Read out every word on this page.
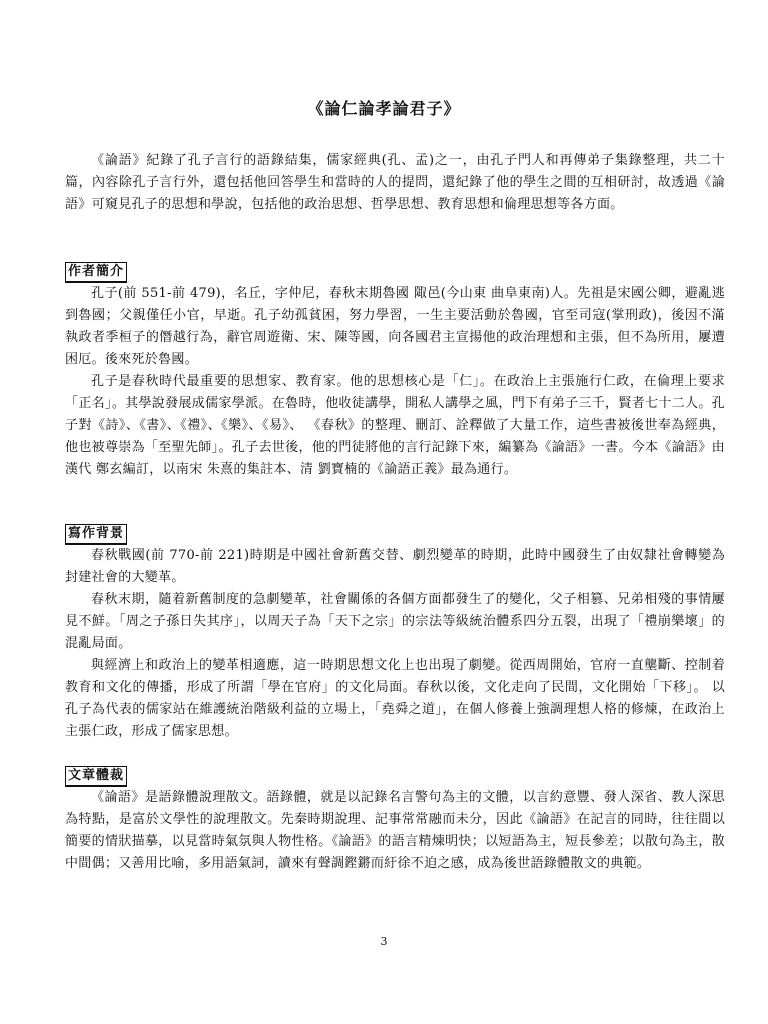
《論仁論孝論君子》

《論語》紀錄了孔子言行的語錄結集，儒家經典(孔、孟)之一，由孔子門人和再傳弟子集錄整理，共二十篇，內容除孔子言行外，還包括他回答學生和當時的人的提問，還紀錄了他的學生之間的互相研討，故透過《論語》可窺見孔子的思想和學說，包括他的政治思想、哲學思想、教育思想和倫理思想等各方面。

作者簡介

孔子(前 551-前 479)，名丘，字仲尼，春秋末期魯國 陬邑(今山東 曲阜東南)人。先祖是宋國公卿，避亂逃到魯國；父親僅任小官，早逝。孔子幼孤貧困，努力學習，一生主要活動於魯國，官至司寇(掌刑政)，後因不滿執政者季桓子的僭越行為，辭官周遊衛、宋、陳等國，向各國君主宣揚他的政治理想和主張，但不為所用，屢遭困厄。後來死於魯國。

孔子是春秋時代最重要的思想家、教育家。他的思想核心是「仁」。在政治上主張施行仁政，在倫理上要求「正名」。其學說發展成儒家學派。在魯時，他收徒講學，開私人講學之風，門下有弟子三千，賢者七十二人。孔子對《詩》、《書》、《禮》、《樂》、《易》、 《春秋》的整理、刪訂、詮釋做了大量工作，這些書被後世奉為經典，他也被尊崇為「至聖先師」。孔子去世後，他的門徒將他的言行記錄下來，編纂為《論語》一書。今本《論語》由漢代 鄭玄編訂，以南宋 朱熹的集註本、清 劉寶楠的《論語正義》最為通行。

寫作背景

春秋戰國(前 770-前 221)時期是中國社會新舊交替、劇烈變革的時期，此時中國發生了由奴隸社會轉變為封建社會的大變革。

春秋末期，隨着新舊制度的急劇變革，社會關係的各個方面都發生了的變化，父子相篡、兄弟相殘的事情屢見不鮮。「周之子孫日失其序」，以周天子為「天下之宗」的宗法等級統治體系四分五裂，出現了「禮崩樂壞」的混亂局面。

與經濟上和政治上的變革相適應，這一時期思想文化上也出現了劇變。從西周開始，官府一直壟斷、控制着教育和文化的傳播，形成了所謂「學在官府」的文化局面。春秋以後，文化走向了民間，文化開始「下移」。 以孔子為代表的儒家站在維護統治階級利益的立場上，「堯舜之道」，在個人修養上強調理想人格的修煉，在政治上主張仁政，形成了儒家思想。

文章體裁

《論語》是語錄體說理散文。語錄體，就是以記錄名言警句為主的文體，以言約意豐、發人深省、教人深思為特點，是富於文學性的說理散文。先秦時期說理、記事常常融而未分，因此《論語》在記言的同時，往往間以簡要的情狀描摹，以見當時氣氛與人物性格。《論語》的語言精煉明快；以短語為主，短長參差；以散句為主，散中間偶；又善用比喻，多用語氣詞，讀來有聲調鏗鏘而紆徐不迫之感，成為後世語錄體散文的典範。

3
